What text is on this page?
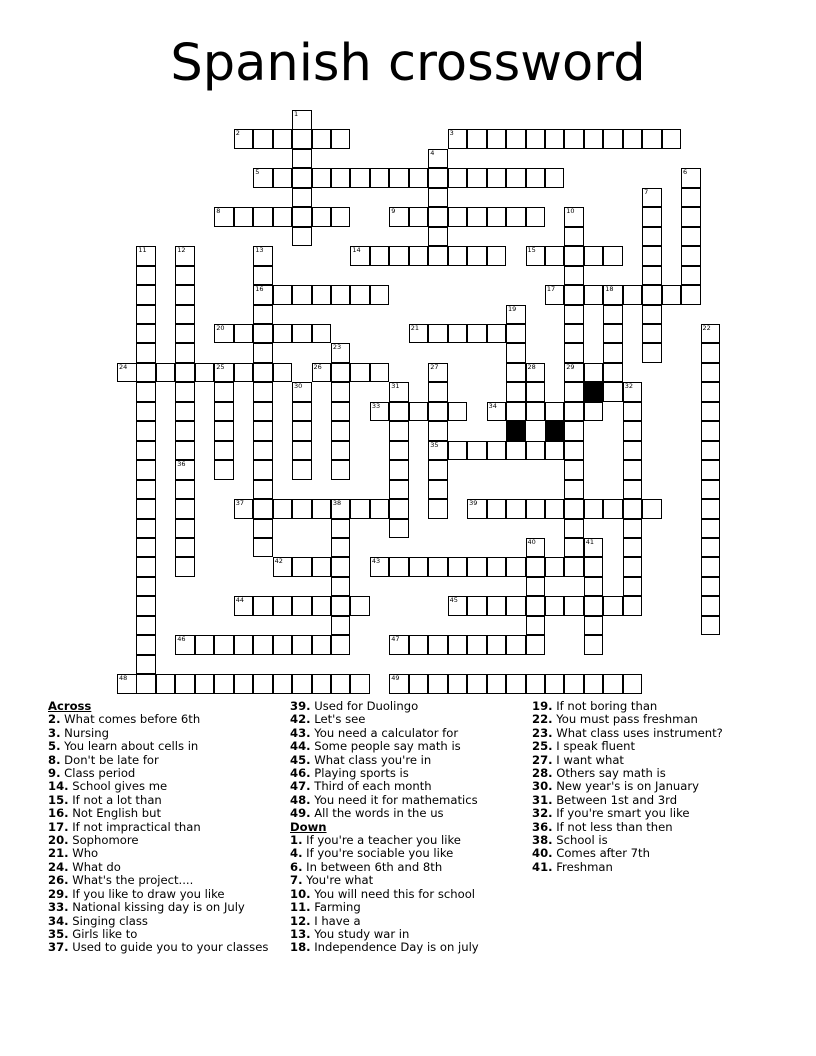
Spanish crossword
1
2	3
4
5	6
7
8	9	10
29
11	12	13
16
14	15
17	18
19
20	21	22
23
24	25	26	27
35
28
30	31	32
33	34
36
37	38	39
40	41
42	43
44	45
46	47
48	49
Across
2. What comes before 6th
3. Nursing
5. You learn about cells in
8. Don't be late for
9. Class period
14. School gives me
15. If not a lot than
16. Not English but
17. If not impractical than
20. Sophomore
21. Who
24. What do
26. What's the project....
29. If you like to draw you like
33. National kissing day is on July
34. Singing class
35. Girls like to
37. Used to guide you to your classes
39. Used for Duolingo
42. Let's see
43. You need a calculator for
44. Some people say math is
45. What class you're in
46. Playing sports is
47. Third of each month
48. You need it for mathematics
49. All the words in the us
Down
1. If you're a teacher you like
4. If you're sociable you like
6. In between 6th and 8th
7. You're what
10. You will need this for school
11. Farming
12. I have a
13. You study war in
18. Independence Day is on july
19. If not boring than
22. You must pass freshman
23. What class uses instrument?
25. I speak fluent
27. I want what
28. Others say math is
30. New year's is on January
31. Between 1st and 3rd
32. If you're smart you like
36. If not less than then
38. School is
40. Comes after 7th
41. Freshman
